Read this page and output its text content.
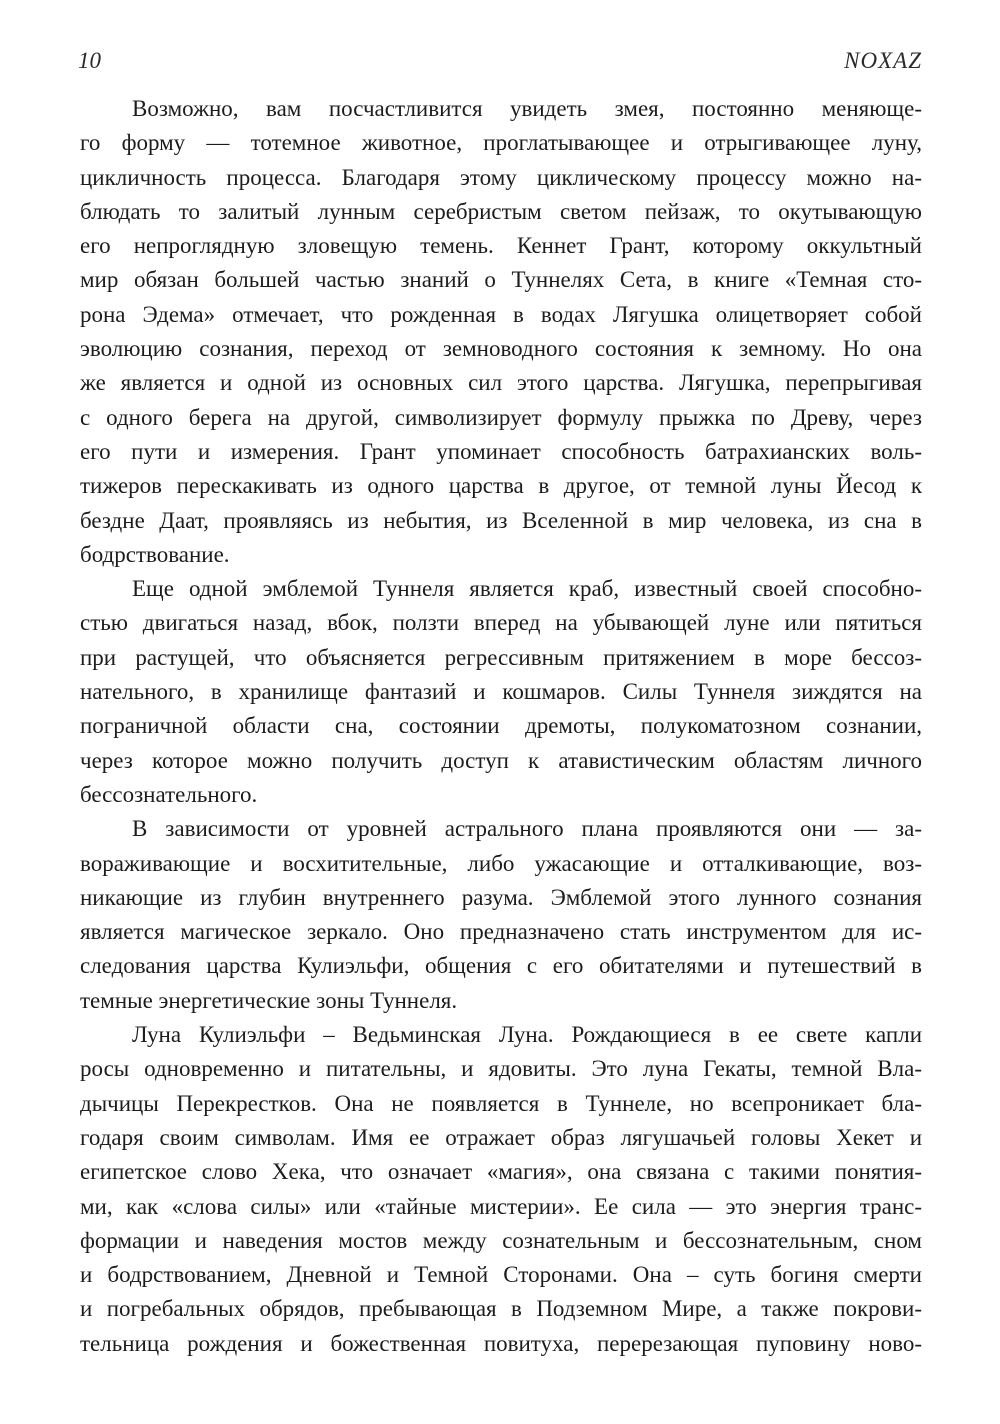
10	NOXAZ
Возможно, вам посчастливится увидеть змея, постоянно меняюще-
го форму — тотемное животное, проглатывающее и отрыгивающее луну,
цикличность процесса. Благодаря этому циклическому процессу можно на-
блюдать то залитый лунным серебристым светом пейзаж, то окутывающую
его непроглядную зловещую темень. Кеннет Грант, которому оккультный
мир обязан большей частью знаний о Туннелях Сета, в книге «Темная сто-
рона Эдема» отмечает, что рожденная в водах Лягушка олицетворяет собой
эволюцию сознания, переход от земноводного состояния к земному. Но она
же является и одной из основных сил этого царства. Лягушка, перепрыгивая
с одного берега на другой, символизирует формулу прыжка по Древу, через
его пути и измерения. Грант упоминает способность батрахианских воль-
тижеров перескакивать из одного царства в другое, от темной луны Йесод к
бездне Даат, проявляясь из небытия, из Вселенной в мир человека, из сна в
бодрствование.
Еще одной эмблемой Туннеля является краб, известный своей способно-
стью двигаться назад, вбок, ползти вперед на убывающей луне или пятиться
при растущей, что объясняется регрессивным притяжением в море бессоз-
нательного, в хранилище фантазий и кошмаров. Силы Туннеля зиждятся на
пограничной области сна, состоянии дремоты, полукоматозном сознании,
через которое можно получить доступ к атавистическим областям личного
бессознательного.
В зависимости от уровней астрального плана проявляются они — за-
вораживающие и восхитительные, либо ужасающие и отталкивающие, воз-
никающие из глубин внутреннего разума. Эмблемой этого лунного сознания
является магическое зеркало. Оно предназначено стать инструментом для ис-
следования царства Кулиэльфи, общения с его обитателями и путешествий в
темные энергетические зоны Туннеля.
Луна Кулиэльфи – Ведьминская Луна. Рождающиеся в ее свете капли
росы одновременно и питательны, и ядовиты. Это луна Гекаты, темной Вла-
дычицы Перекрестков. Она не появляется в Туннеле, но всепроникает бла-
годаря своим символам. Имя ее отражает образ лягушачьей головы Хекет и
египетское слово Хека, что означает «магия», она связана с такими понятия-
ми, как «слова силы» или «тайные мистерии». Ее сила — это энергия транс-
формации и наведения мостов между сознательным и бессознательным, сном
и бодрствованием, Дневной и Темной Сторонами. Она – суть богиня смерти
и погребальных обрядов, пребывающая в Подземном Мире, а также покрови-
тельница рождения и божественная повитуха, перерезающая пуповину ново-
